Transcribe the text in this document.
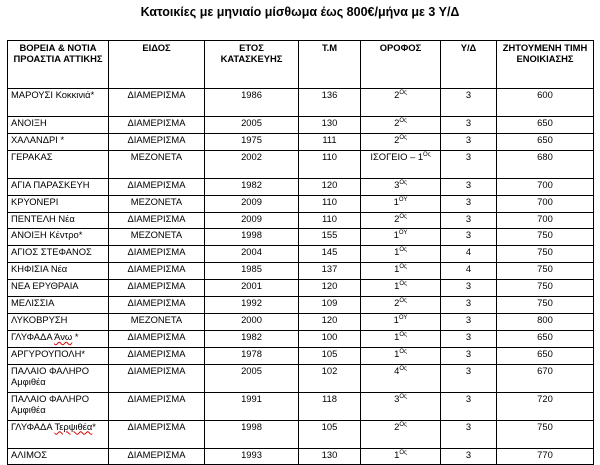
Κατοικίες με μηνιαίο μίσθωμα έως 800€/μήνα με 3 Υ/Δ
ΒΟΡΕΙΑ & ΝΟΤΙΑ ΠΡΟΑΣΤΙΑ ΑΤΤΙΚΗΣ	ΕΙΔΟΣ	ΕΤΟΣ ΚΑΤΑΣΚΕΥΗΣ	Τ.Μ	ΟΡΟΦΟΣ	Υ/Δ	ΖΗΤΟΥΜΕΝΗ ΤΙΜΗ ΕΝΟΙΚΙΑΣΗΣ
ΜΑΡΟΥΣΙ Κοκκινιά*	ΔΙΑΜΕΡΙΣΜΑ	1986	136	$2^{O\varsigma}$	3	600
ΑΝΟΙΞΗ	ΔΙΑΜΕΡΙΣΜΑ	2005	130	$2^{O\varsigma}$	3	650
ΧΑΛΑΝΔΡΙ *	ΔΙΑΜΕΡΙΣΜΑ	1975	111	$2^{O\varsigma}$	3	650
ΓΕΡΑΚΑΣ	ΜΕΖΟΝΕΤΑ	2002	110	ΙΣΟΓΕΙΟ – $1^{O\varsigma}$	3	680
ΑΓΙΑ ΠΑΡΑΣΚΕΥΗ	ΔΙΑΜΕΡΙΣΜΑ	1982	120	$3^{O\varsigma}$	3	700
ΚΡΥΟΝΕΡΙ	ΜΕΖΟΝΕΤΑ	2009	110	$1^{O\Upsilon}$	3	700
ΠΕΝΤΕΛΗ Νέα	ΔΙΑΜΕΡΙΣΜΑ	2009	110	$2^{O\varsigma}$	3	700
ΑΝΟΙΞΗ Κέντρο*	ΜΕΖΟΝΕΤΑ	1998	155	$1^{O\Upsilon}$	3	750
ΑΓΙΟΣ ΣΤΕΦΑΝΟΣ	ΔΙΑΜΕΡΙΣΜΑ	2004	145	$1^{O\varsigma}$	4	750
ΚΗΦΙΣΙΑ Νέα	ΔΙΑΜΕΡΙΣΜΑ	1985	137	$1^{O\varsigma}$	4	750
ΝΕΑ ΕΡΥΘΡΑΙΑ	ΔΙΑΜΕΡΙΣΜΑ	2001	120	$1^{O\varsigma}$	3	750
ΜΕΛΙΣΣΙΑ	ΔΙΑΜΕΡΙΣΜΑ	1992	109	$2^{O\varsigma}$	3	750
ΛΥΚΟΒΡΥΣΗ	ΜΕΖΟΝΕΤΑ	2000	120	$1^{O\Upsilon}$	3	800
ΓΛΥΦΑΔΑ Άνω *	ΔΙΑΜΕΡΙΣΜΑ	1982	100	$1^{O\varsigma}$	3	650
ΑΡΓΥΡΟΥΠΟΛΗ*	ΔΙΑΜΕΡΙΣΜΑ	1978	105	$1^{O\varsigma}$	3	650
ΠΑΛΑΙΟ ΦΑΛΗΡΟ Αμφιθέα	ΔΙΑΜΕΡΙΣΜΑ	2005	102	$4^{O\varsigma}$	3	670
ΠΑΛΑΙΟ ΦΑΛΗΡΟ Αμφιθέα	ΔΙΑΜΕΡΙΣΜΑ	1991	118	$3^{O\varsigma}$	3	720
ΓΛΥΦΑΔΑ Τερψιθέα*	ΔΙΑΜΕΡΙΣΜΑ	1998	105	$2^{O\varsigma}$	3	750
ΑΛΙΜΟΣ	ΔΙΑΜΕΡΙΣΜΑ	1993	130	$1^{O\varsigma}$	3	770
